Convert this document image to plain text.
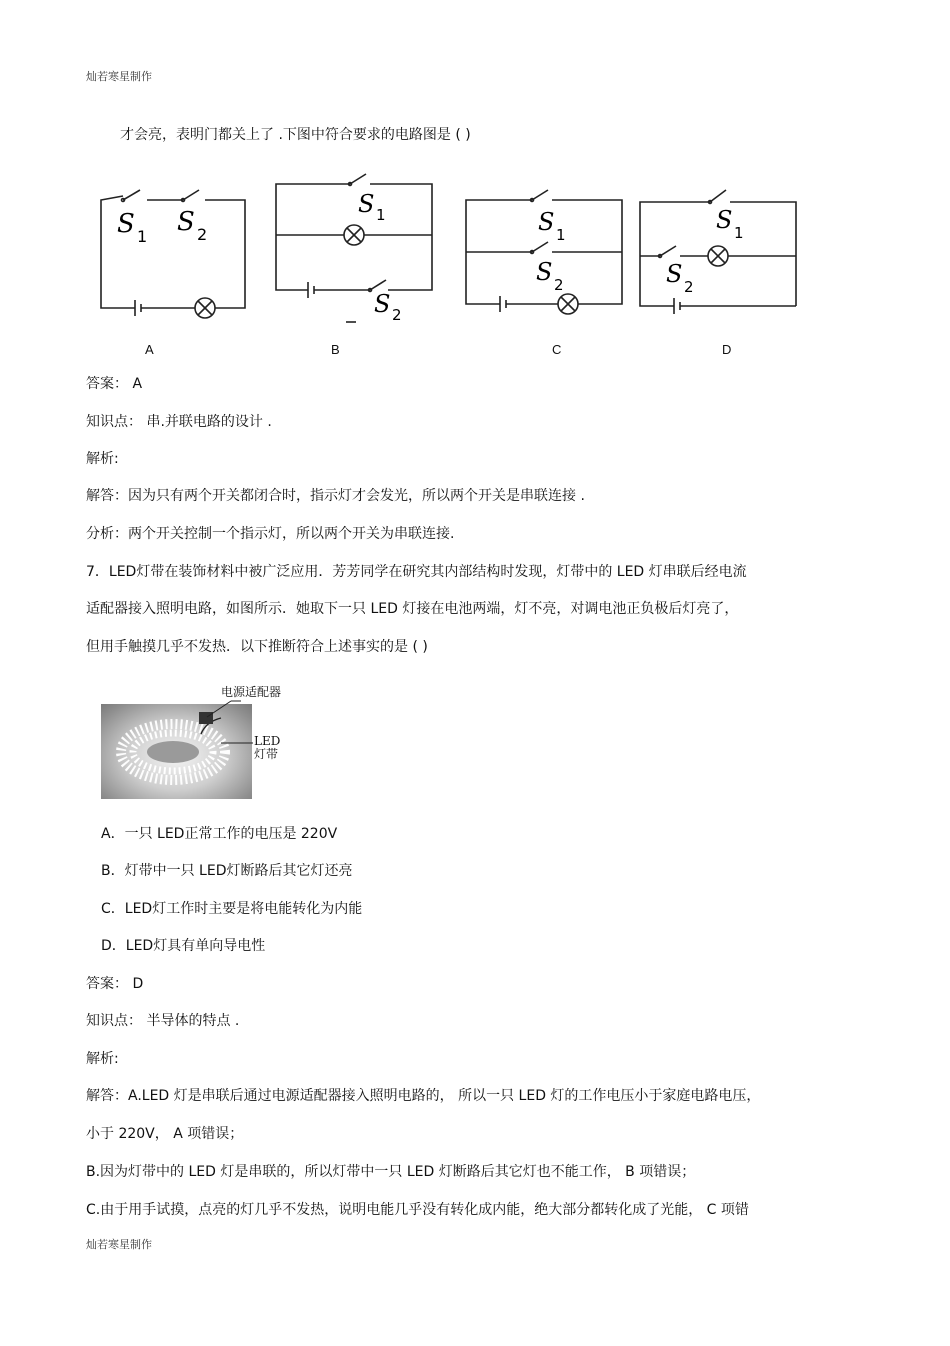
灿若寒星制作
才会亮，表明门都关上了 .下图中符合要求的电路图是 ( )
S 1 S 2
S 1
S 2
S 1
S 2
S 1
S 2
A	B	C	D
答案： A
知识点： 串.并联电路的设计 .
解析:
解答：因为只有两个开关都闭合时，指示灯才会发光，所以两个开关是串联连接 .
分析：两个开关控制一个指示灯，所以两个开关为串联连接.
7．LED灯带在装饰材料中被广泛应用．芳芳同学在研究其内部结构时发现，灯带中的 LED 灯串联后经电流
适配器接入照明电路，如图所示．她取下一只 LED 灯接在电池两端，灯不亮，对调电池正负极后灯亮了，
但用手触摸几乎不发热．以下推断符合上述事实的是 ( )
电源适配器
LED
灯带
A．一只 LED正常工作的电压是 220V
B．灯带中一只 LED灯断路后其它灯还亮
C．LED灯工作时主要是将电能转化为内能
D．LED灯具有单向导电性
答案： D
知识点： 半导体的特点 .
解析:
解答：A.LED 灯是串联后通过电源适配器接入照明电路的， 所以一只 LED 灯的工作电压小于家庭电路电压，
小于 220V， A 项错误；
B.因为灯带中的 LED 灯是串联的，所以灯带中一只 LED 灯断路后其它灯也不能工作， B 项错误；
C.由于用手试摸，点亮的灯几乎不发热，说明电能几乎没有转化成内能，绝大部分都转化成了光能， C 项错
灿若寒星制作
